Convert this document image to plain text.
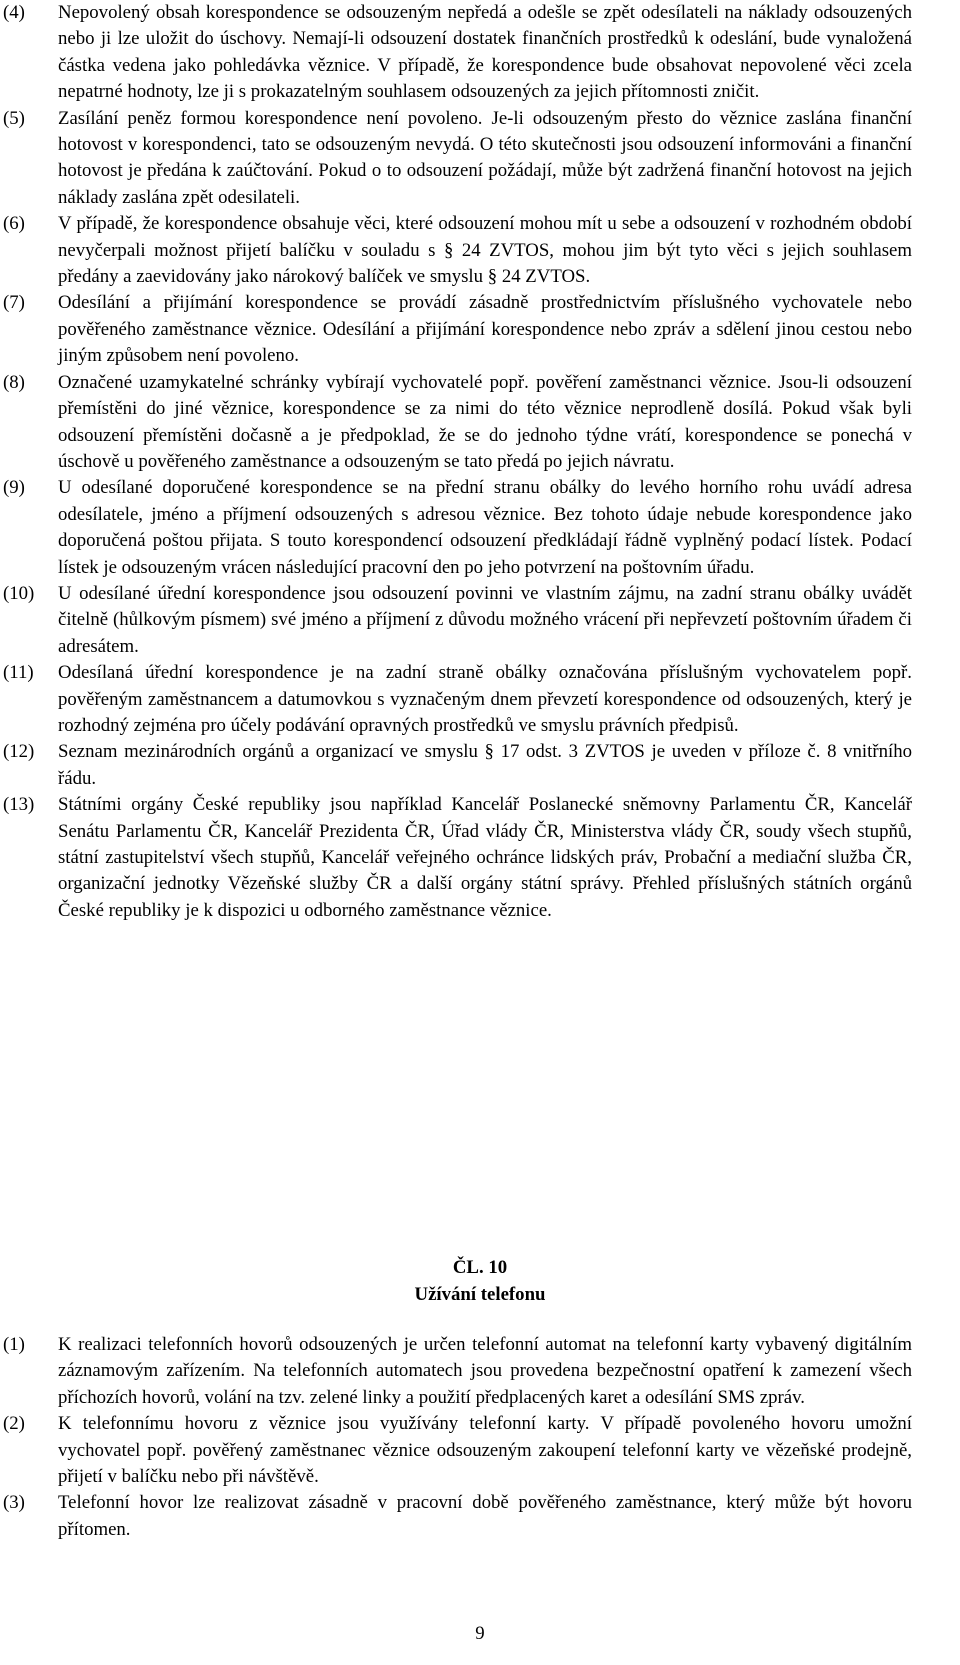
(4)	Nepovolený obsah korespondence se odsouzeným nepředá a odešle se zpět odesílateli na náklady odsouzených nebo ji lze uložit do úschovy. Nemají-li odsouzení dostatek finančních prostředků k odeslání, bude vynaložená částka vedena jako pohledávka věznice. V případě, že korespondence bude obsahovat nepovolené věci zcela nepatrné hodnoty, lze ji s prokazatelným souhlasem odsouzených za jejich přítomnosti zničit.
(5)	Zasílání peněz formou korespondence není povoleno. Je-li odsouzeným přesto do věznice zaslána finanční hotovost v korespondenci, tato se odsouzeným nevydá. O této skutečnosti jsou odsouzení informováni a finanční hotovost je předána k zaúčtování. Pokud o to odsouzení požádají, může být zadržená finanční hotovost na jejich náklady zaslána zpět odesilateli.
(6)	V případě, že korespondence obsahuje věci, které odsouzení mohou mít u sebe a odsouzení v rozhodném období nevyčerpali možnost přijetí balíčku v souladu s § 24 ZVTOS, mohou jim být tyto věci s jejich souhlasem předány a zaevidovány jako nárokový balíček ve smyslu § 24 ZVTOS.
(7)	Odesílání a přijímání korespondence se provádí zásadně prostřednictvím příslušného vychovatele nebo pověřeného zaměstnance věznice. Odesílání a přijímání korespondence nebo zpráv a sdělení jinou cestou nebo jiným způsobem není povoleno.
(8)	Označené uzamykatelné schránky vybírají vychovatelé popř. pověření zaměstnanci věznice. Jsou-li odsouzení přemístěni do jiné věznice, korespondence se za nimi do této věznice neprodleně dosílá. Pokud však byli odsouzení přemístěni dočasně a je předpoklad, že se do jednoho týdne vrátí, korespondence se ponechá v úschově u pověřeného zaměstnance a odsouzeným se tato předá po jejich návratu.
(9)	U odesílané doporučené korespondence se na přední stranu obálky do levého horního rohu uvádí adresa odesílatele, jméno a příjmení odsouzených s adresou věznice. Bez tohoto údaje nebude korespondence jako doporučená poštou přijata. S touto korespondencí odsouzení předkládají řádně vyplněný podací lístek. Podací lístek je odsouzeným vrácen následující pracovní den po jeho potvrzení na poštovním úřadu.
(10)	U odesílané úřední korespondence jsou odsouzení povinni ve vlastním zájmu, na zadní stranu obálky uvádět čitelně (hůlkovým písmem) své jméno a příjmení z důvodu možného vrácení při nepřevzetí poštovním úřadem či adresátem.
(11)	Odesílaná úřední korespondence je na zadní straně obálky označována příslušným vychovatelem popř. pověřeným zaměstnancem a datumovkou s vyznačeným dnem převzetí korespondence od odsouzených, který je rozhodný zejména pro účely podávání opravných prostředků ve smyslu právních předpisů.
(12)	Seznam mezinárodních orgánů a organizací ve smyslu § 17 odst. 3 ZVTOS je uveden v příloze č. 8 vnitřního řádu.
(13)	Státními orgány České republiky jsou například Kancelář Poslanecké sněmovny Parlamentu ČR, Kancelář Senátu Parlamentu ČR, Kancelář Prezidenta ČR, Úřad vlády ČR, Ministerstva vlády ČR, soudy všech stupňů, státní zastupitelství všech stupňů, Kancelář veřejného ochránce lidských práv, Probační a mediační služba ČR, organizační jednotky Vězeňské služby ČR a další orgány státní správy. Přehled příslušných státních orgánů České republiky je k dispozici u odborného zaměstnance věznice.
ČL. 10
Užívání telefonu
(1)	K realizaci telefonních hovorů odsouzených je určen telefonní automat na telefonní karty vybavený digitálním záznamovým zařízením. Na telefonních automatech jsou provedena bezpečnostní opatření k zamezení všech příchozích hovorů, volání na tzv. zelené linky a použití předplacených karet a odesílání SMS zpráv.
(2)	K telefonnímu hovoru z věznice jsou využívány telefonní karty. V případě povoleného hovoru umožní vychovatel popř. pověřený zaměstnanec věznice odsouzeným zakoupení telefonní karty ve vězeňské prodejně, přijetí v balíčku nebo při návštěvě.
(3)	Telefonní hovor lze realizovat zásadně v pracovní době pověřeného zaměstnance, který může být hovoru přítomen.
9
